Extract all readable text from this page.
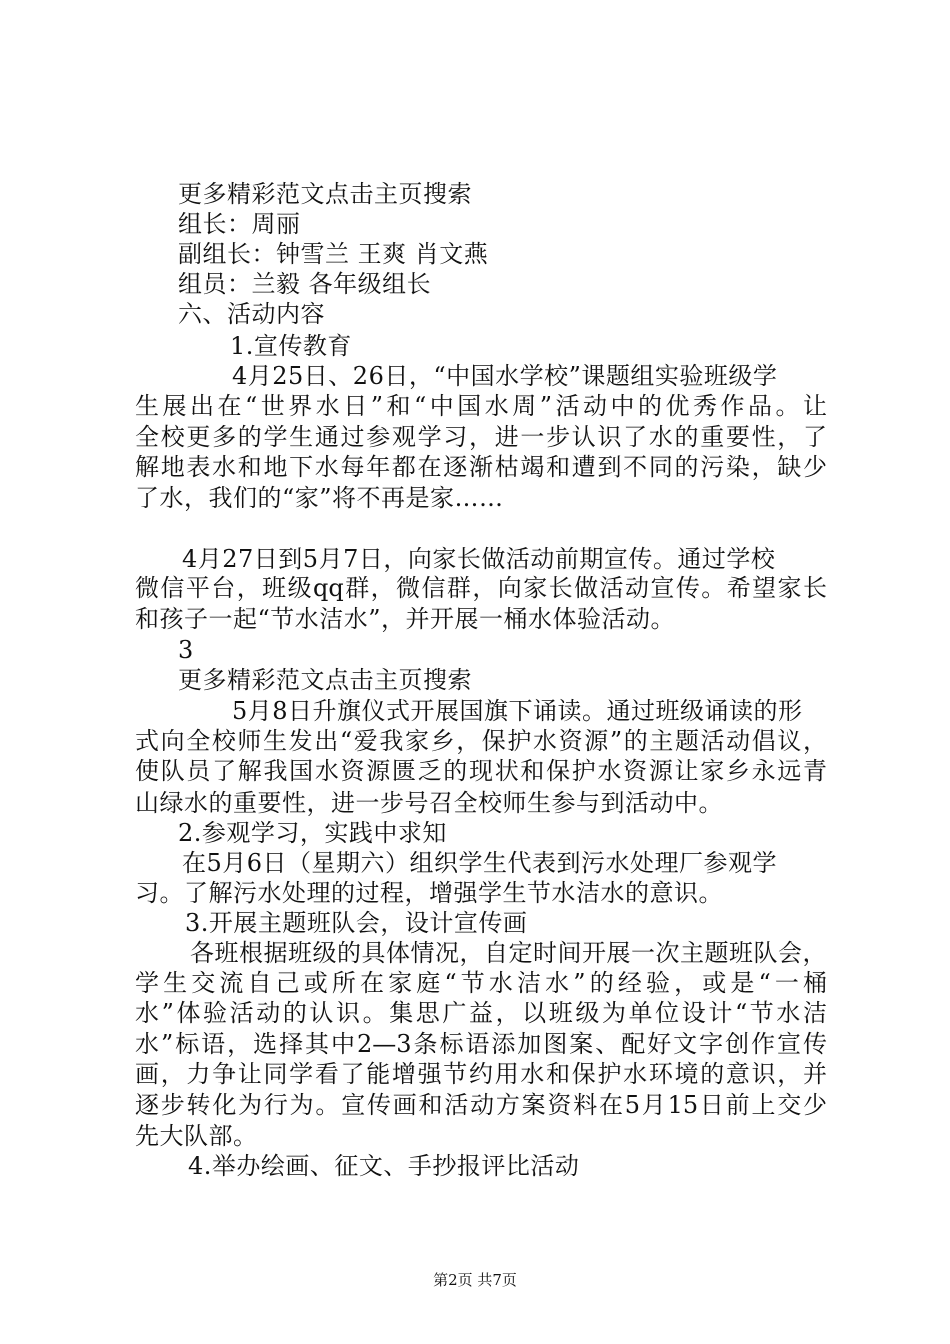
更多精彩范文点击主页搜索
组长：周丽
副组长：钟雪兰 王爽 肖文燕
组员：兰毅 各年级组长
六、活动内容
1.宣传教育
4月25日、26日，“中国水学校”课题组实验班级学
生展出在“世界水日”和“中国水周”活动中的优秀作品。让
全校更多的学生通过参观学习，进一步认识了水的重要性，了
解地表水和地下水每年都在逐渐枯竭和遭到不同的污染，缺少
了水，我们的“家”将不再是家……
4月27日到5月7日，向家长做活动前期宣传。通过学校
微信平台，班级qq群，微信群，向家长做活动宣传。希望家长
和孩子一起“节水洁水”，并开展一桶水体验活动。
3
更多精彩范文点击主页搜索
5月8日升旗仪式开展国旗下诵读。通过班级诵读的形
式向全校师生发出“爱我家乡，保护水资源”的主题活动倡议，
使队员了解我国水资源匮乏的现状和保护水资源让家乡永远青
山绿水的重要性，进一步号召全校师生参与到活动中。
2.参观学习，实践中求知
在5月6日（星期六）组织学生代表到污水处理厂参观学
习。了解污水处理的过程，增强学生节水洁水的意识。
3.开展主题班队会，设计宣传画
各班根据班级的具体情况，自定时间开展一次主题班队会，
学生交流自己或所在家庭“节水洁水”的经验，或是“一桶
水”体验活动的认识。集思广益，以班级为单位设计“节水洁
水”标语，选择其中2—3条标语添加图案、配好文字创作宣传
画，力争让同学看了能增强节约用水和保护水环境的意识，并
逐步转化为行为。宣传画和活动方案资料在5月15日前上交少
先大队部。
4.举办绘画、征文、手抄报评比活动
第2页 共7页
